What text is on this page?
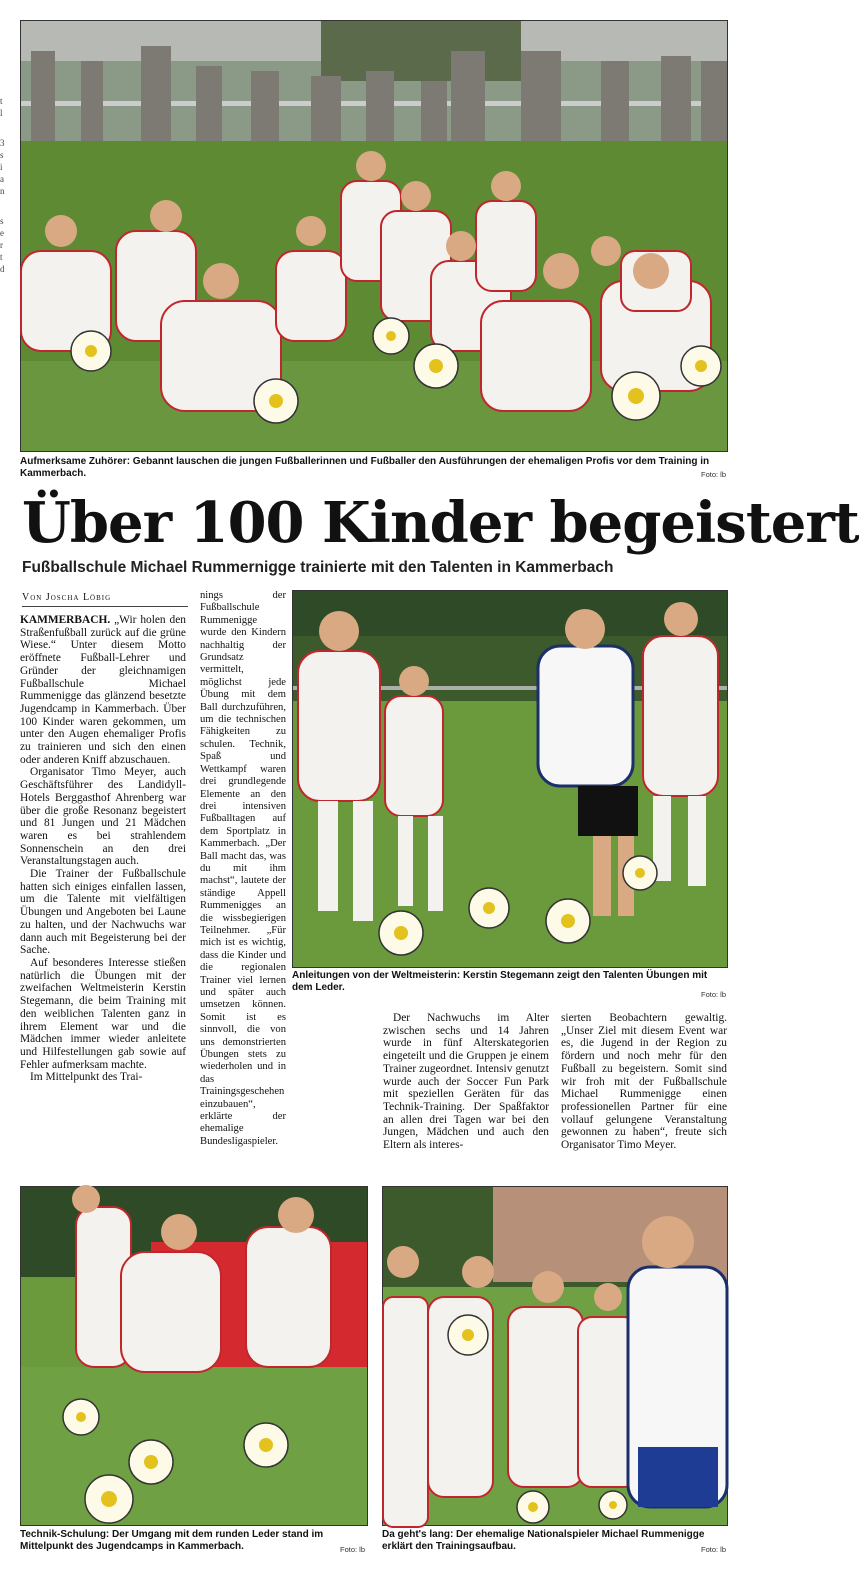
t
l
3
s
i
a
n
s
e
r
t
d
Aufmerksame Zuhörer: Gebannt lauschen die jungen Fußballerinnen und Fußballer den Ausführungen der ehemaligen Profis vor dem Training in Kammerbach.	Foto: lb
Über 100 Kinder begeistert
Fußballschule Michael Rummernigge trainierte mit den Talenten in Kammerbach
Von Joscha Löbig

KAMMERBACH. „Wir holen den Straßenfußball zurück auf die grüne Wiese.“ Unter diesem Motto eröffnete Fußball-Lehrer und Gründer der gleichnamigen Fußballschule Michael Rummenigge das glänzend besetzte Jugendcamp in Kammerbach. Über 100 Kinder waren gekommen, um unter den Augen ehemaliger Profis zu trainieren und sich den einen oder anderen Kniff abzuschauen.

Organisator Timo Meyer, auch Geschäftsführer des Landidyll-Hotels Berggasthof Ahrenberg war über die große Resonanz begeistert und 81 Jungen und 21 Mädchen waren es bei strahlendem Sonnenschein an den drei Veranstaltungstagen auch.

Die Trainer der Fußballschule hatten sich einiges einfallen lassen, um die Talente mit vielfältigen Übungen und Angeboten bei Laune zu halten, und der Nachwuchs war dann auch mit Begeisterung bei der Sache.

Auf besonderes Interesse stießen natürlich die Übungen mit der zweifachen Weltmeisterin Kerstin Stegemann, die beim Training mit den weiblichen Talenten ganz in ihrem Element war und die Mädchen immer wieder anleitete und Hilfestellungen gab sowie auf Fehler aufmerksam machte.

Im Mittelpunkt des Trai-

nings der Fußballschule Rummenigge wurde den Kindern nachhaltig der Grundsatz vermittelt, möglichst jede Übung mit dem Ball durchzuführen, um die technischen Fähigkeiten zu schulen. Technik, Spaß und Wettkampf waren drei grundlegende Elemente an den drei intensiven Fußballtagen auf dem Sportplatz in Kammerbach. „Der Ball macht das, was du mit ihm machst“, lautete der ständige Appell Rummenigges an die wissbegierigen Teilnehmer. „Für mich ist es wichtig, dass die Kinder und die regionalen Trainer viel lernen und später auch umsetzen können. Somit ist es sinnvoll, die von uns demonstrierten Übungen stets zu wiederholen und in das Trainingsgeschehen einzubauen“, erklärte der ehemalige Bundesligaspieler.

Anleitungen von der Weltmeisterin: Kerstin Stegemann zeigt den Talenten Übungen mit dem Leder.
Foto: lb

Der Nachwuchs im Alter zwischen sechs und 14 Jahren wurde in fünf Alterskategorien eingeteilt und die Gruppen je einem Trainer zugeordnet. Intensiv genutzt wurde auch der Soccer Fun Park mit speziellen Geräten für das Technik-Training. Der Spaßfaktor an allen drei Tagen war bei den Jungen, Mädchen und auch den Eltern als interes-

sierten Beobachtern gewaltig. „Unser Ziel mit diesem Event war es, die Jugend in der Region zu fördern und noch mehr für den Fußball zu begeistern. Somit sind wir froh mit der Fußballschule Michael Rummenigge einen professionellen Partner für eine vollauf gelungene Veranstaltung gewonnen zu haben“, freute sich Organisator Timo Meyer.

Technik-Schulung: Der Umgang mit dem runden Leder stand im Mittelpunkt des Jugendcamps in Kammerbach.	Foto: lb
Da geht's lang: Der ehemalige Nationalspieler Michael Rummenigge erklärt den Trainingsaufbau.	Foto: lb
